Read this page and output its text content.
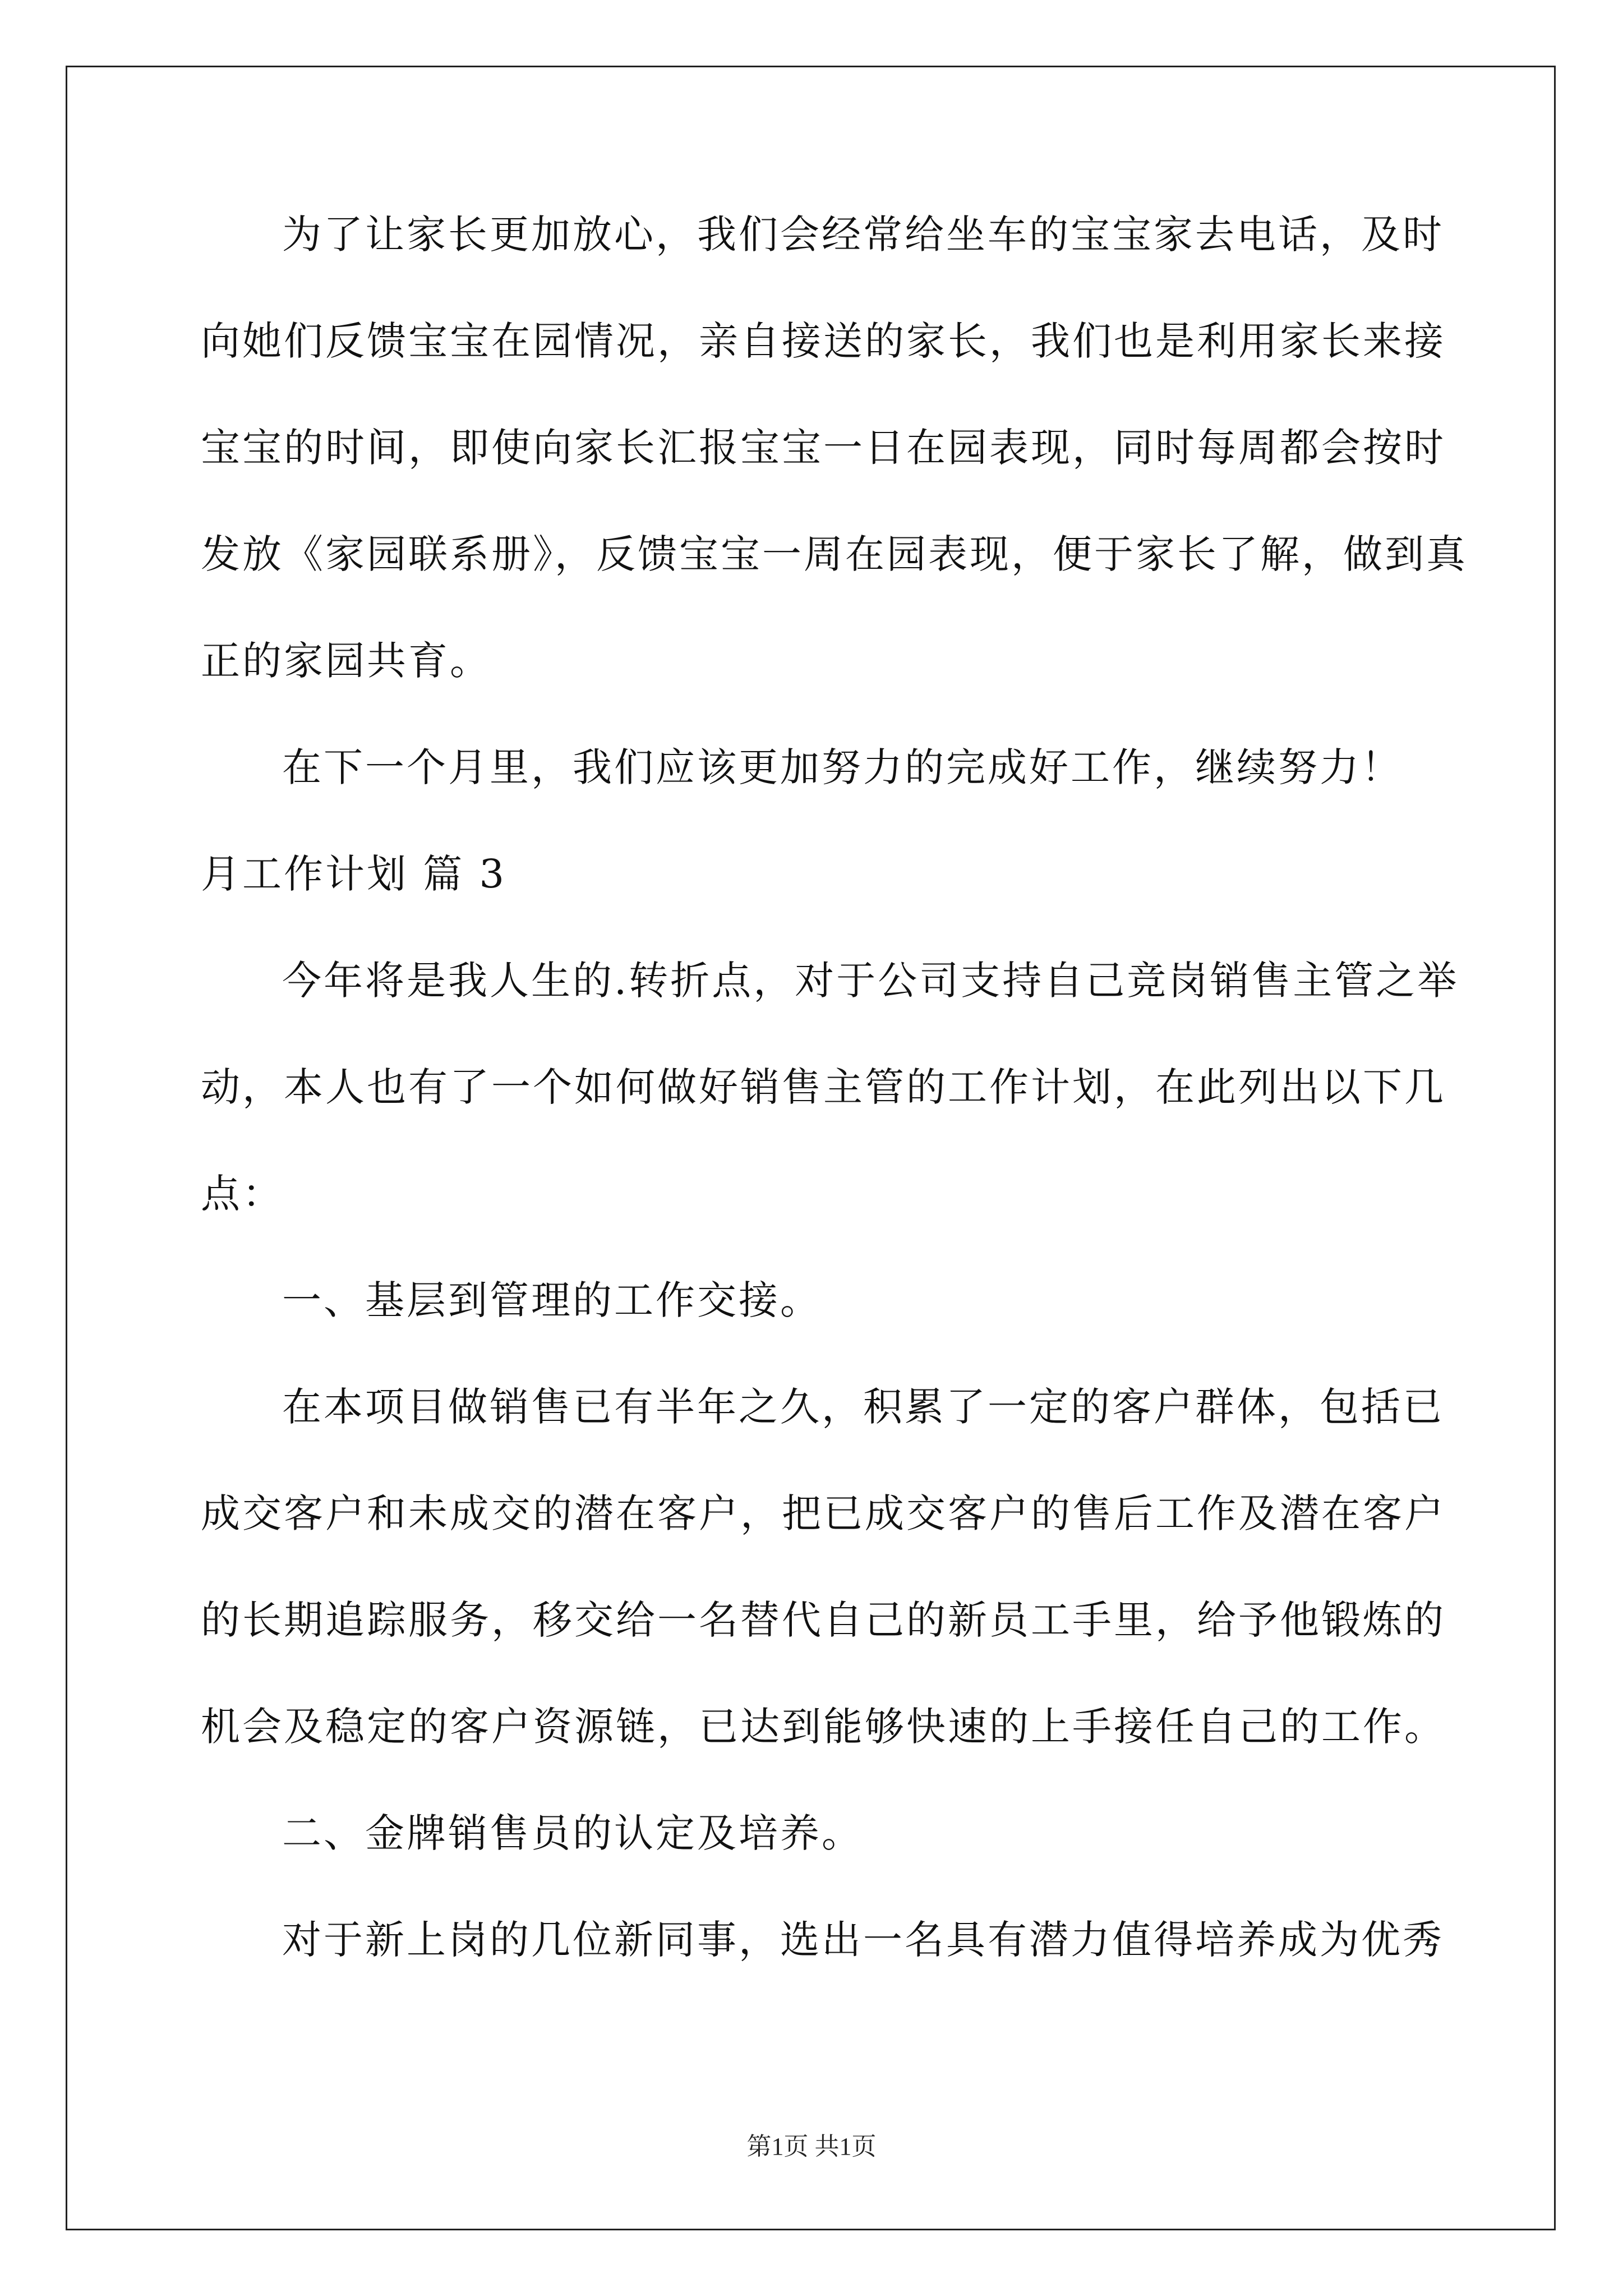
为了让家长更加放心，我们会经常给坐车的宝宝家去电话，及时
向她们反馈宝宝在园情况，亲自接送的家长，我们也是利用家长来接
宝宝的时间，即使向家长汇报宝宝一日在园表现，同时每周都会按时
发放《家园联系册》，反馈宝宝一周在园表现，便于家长了解，做到真
正的家园共育。
在下一个月里，我们应该更加努力的完成好工作，继续努力！
月工作计划 篇 3
今年将是我人生的.转折点，对于公司支持自己竞岗销售主管之举
动，本人也有了一个如何做好销售主管的工作计划，在此列出以下几
点：
一、基层到管理的工作交接。
在本项目做销售已有半年之久，积累了一定的客户群体，包括已
成交客户和未成交的潜在客户，把已成交客户的售后工作及潜在客户
的长期追踪服务，移交给一名替代自己的新员工手里，给予他锻炼的
机会及稳定的客户资源链，已达到能够快速的上手接任自己的工作。
二、金牌销售员的认定及培养。
对于新上岗的几位新同事，选出一名具有潜力值得培养成为优秀
第1页 共1页
